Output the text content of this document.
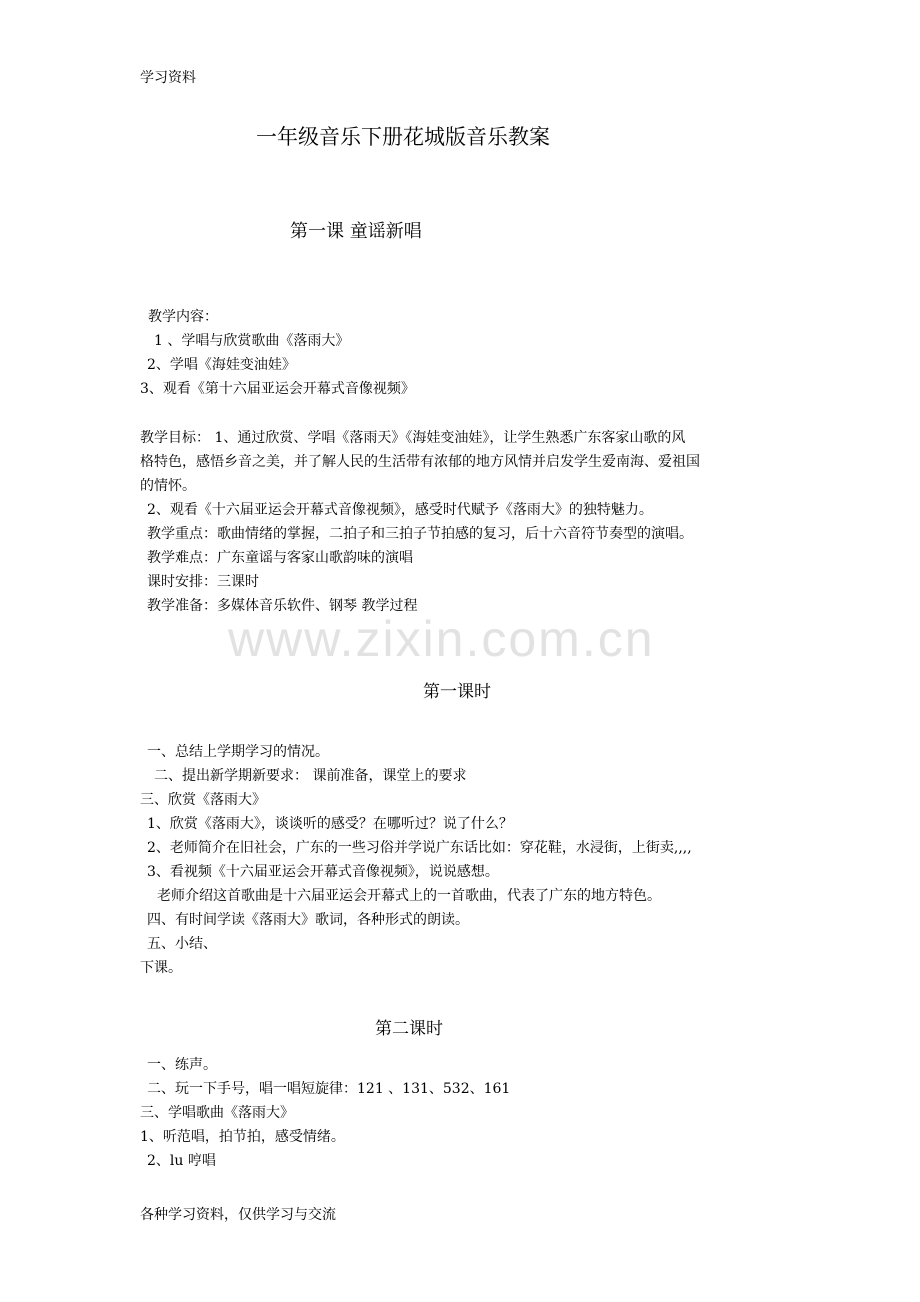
www.zixin.com.cn
学习资料
一年级音乐下册花城版音乐教案
第一课 童谣新唱
教学内容：
1 、学唱与欣赏歌曲《落雨大》
2、学唱《海娃变油娃》
3、观看《第十六届亚运会开幕式音像视频》
教学目标： 1、通过欣赏、学唱《落雨天》《海娃变油娃》，让学生熟悉广东客家山歌的风
格特色，感悟乡音之美，并了解人民的生活带有浓郁的地方风情并启发学生爱南海、爱祖国
的情怀。
2、观看《十六届亚运会开幕式音像视频》，感受时代赋予《落雨大》的独特魅力。
教学重点：歌曲情绪的掌握，二拍子和三拍子节拍感的复习，后十六音符节奏型的演唱。
教学难点：广东童谣与客家山歌韵味的演唱
课时安排：三课时
教学准备：多媒体音乐软件、钢琴 教学过程
第一课时
一、总结上学期学习的情况。
二、提出新学期新要求： 课前准备，课堂上的要求
三、欣赏《落雨大》
1、欣赏《落雨大》，谈谈听的感受？在哪听过？说了什么？
2、老师简介在旧社会，广东的一些习俗并学说广东话比如：穿花鞋，水浸街，上街卖,,,,
3、看视频《十六届亚运会开幕式音像视频》，说说感想。
老师介绍这首歌曲是十六届亚运会开幕式上的一首歌曲，代表了广东的地方特色。
四、有时间学读《落雨大》歌词，各种形式的朗读。
五、小结、
下课。
第二课时
一、练声。
二、玩一下手号，唱一唱短旋律：121 、131、532、161
三、学唱歌曲《落雨大》
1、听范唱，拍节拍，感受情绪。
2、lu 哼唱
各种学习资料，仅供学习与交流
